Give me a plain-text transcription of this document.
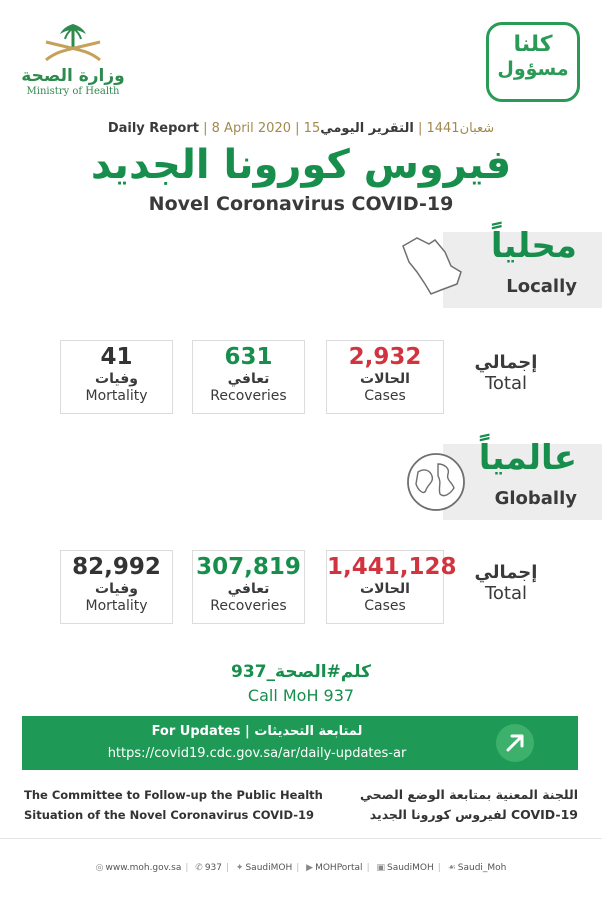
وزارة الصحة
Ministry of Health
كلنا
مسؤول
Daily Report | 8 April 2020 | 15شعبان1441 | التقرير اليومي
فيروس كورونا الجديد
Novel Coronavirus COVID-19
محلياً
Locally
2,932
الحالات
Cases
631
تعافي
Recoveries
41
وفيات
Mortality
إجمالي
Total
عالمياً
Globally
1,441,128
الحالات
Cases
307,819
تعافي
Recoveries
82,992
وفيات
Mortality
إجمالي
Total
كلم#الصحة_937
Call MoH 937
For Updates | لمتابعة التحديثات
https://covid19.cdc.gov.sa/ar/daily-updates-ar
The Committee to Follow-up the Public Health
Situation of the Novel Coronavirus COVID-19
اللجنة المعنية بمتابعة الوضع الصحي
لفيروس كورونا الجديد COVID-19
◎ www.moh.gov.sa | ✆ 937 | ✦ SaudiMOH | ▶ MOHPortal | ▣ SaudiMOH | ☙ Saudi_Moh
